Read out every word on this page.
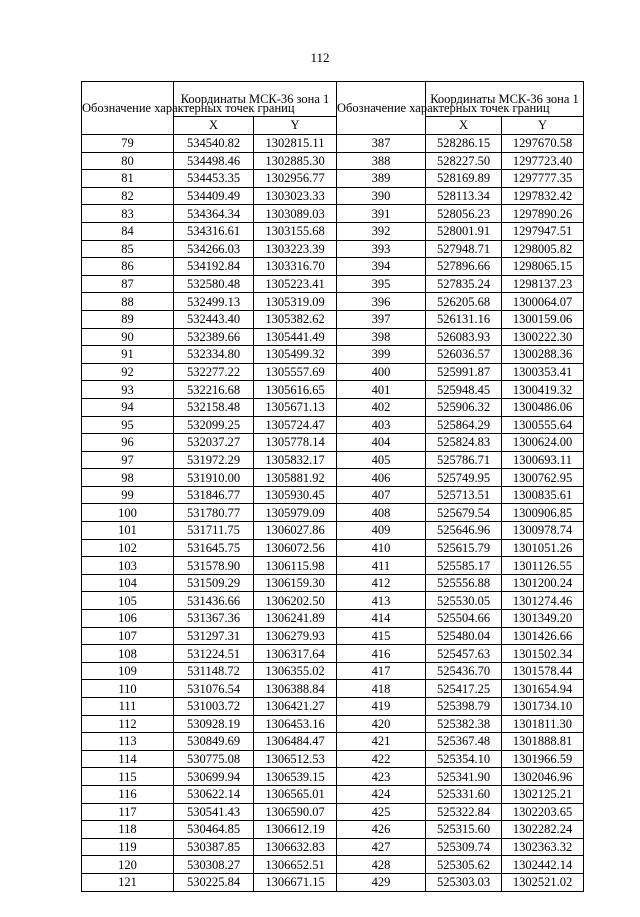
112
Обозначение характерных точек границ	Координаты МСК-36 зона 1		Обозначение характерных точек границ	Координаты МСК-36 зона 1	
	X	Y		X	Y
79	534540.82	1302815.11	387	528286.15	1297670.58
80	534498.46	1302885.30	388	528227.50	1297723.40
81	534453.35	1302956.77	389	528169.89	1297777.35
82	534409.49	1303023.33	390	528113.34	1297832.42
83	534364.34	1303089.03	391	528056.23	1297890.26
84	534316.61	1303155.68	392	528001.91	1297947.51
85	534266.03	1303223.39	393	527948.71	1298005.82
86	534192.84	1303316.70	394	527896.66	1298065.15
87	532580.48	1305223.41	395	527835.24	1298137.23
88	532499.13	1305319.09	396	526205.68	1300064.07
89	532443.40	1305382.62	397	526131.16	1300159.06
90	532389.66	1305441.49	398	526083.93	1300222.30
91	532334.80	1305499.32	399	526036.57	1300288.36
92	532277.22	1305557.69	400	525991.87	1300353.41
93	532216.68	1305616.65	401	525948.45	1300419.32
94	532158.48	1305671.13	402	525906.32	1300486.06
95	532099.25	1305724.47	403	525864.29	1300555.64
96	532037.27	1305778.14	404	525824.83	1300624.00
97	531972.29	1305832.17	405	525786.71	1300693.11
98	531910.00	1305881.92	406	525749.95	1300762.95
99	531846.77	1305930.45	407	525713.51	1300835.61
100	531780.77	1305979.09	408	525679.54	1300906.85
101	531711.75	1306027.86	409	525646.96	1300978.74
102	531645.75	1306072.56	410	525615.79	1301051.26
103	531578.90	1306115.98	411	525585.17	1301126.55
104	531509.29	1306159.30	412	525556.88	1301200.24
105	531436.66	1306202.50	413	525530.05	1301274.46
106	531367.36	1306241.89	414	525504.66	1301349.20
107	531297.31	1306279.93	415	525480.04	1301426.66
108	531224.51	1306317.64	416	525457.63	1301502.34
109	531148.72	1306355.02	417	525436.70	1301578.44
110	531076.54	1306388.84	418	525417.25	1301654.94
111	531003.72	1306421.27	419	525398.79	1301734.10
112	530928.19	1306453.16	420	525382.38	1301811.30
113	530849.69	1306484.47	421	525367.48	1301888.81
114	530775.08	1306512.53	422	525354.10	1301966.59
115	530699.94	1306539.15	423	525341.90	1302046.96
116	530622.14	1306565.01	424	525331.60	1302125.21
117	530541.43	1306590.07	425	525322.84	1302203.65
118	530464.85	1306612.19	426	525315.60	1302282.24
119	530387.85	1306632.83	427	525309.74	1302363.32
120	530308.27	1306652.51	428	525305.62	1302442.14
121	530225.84	1306671.15	429	525303.03	1302521.02
